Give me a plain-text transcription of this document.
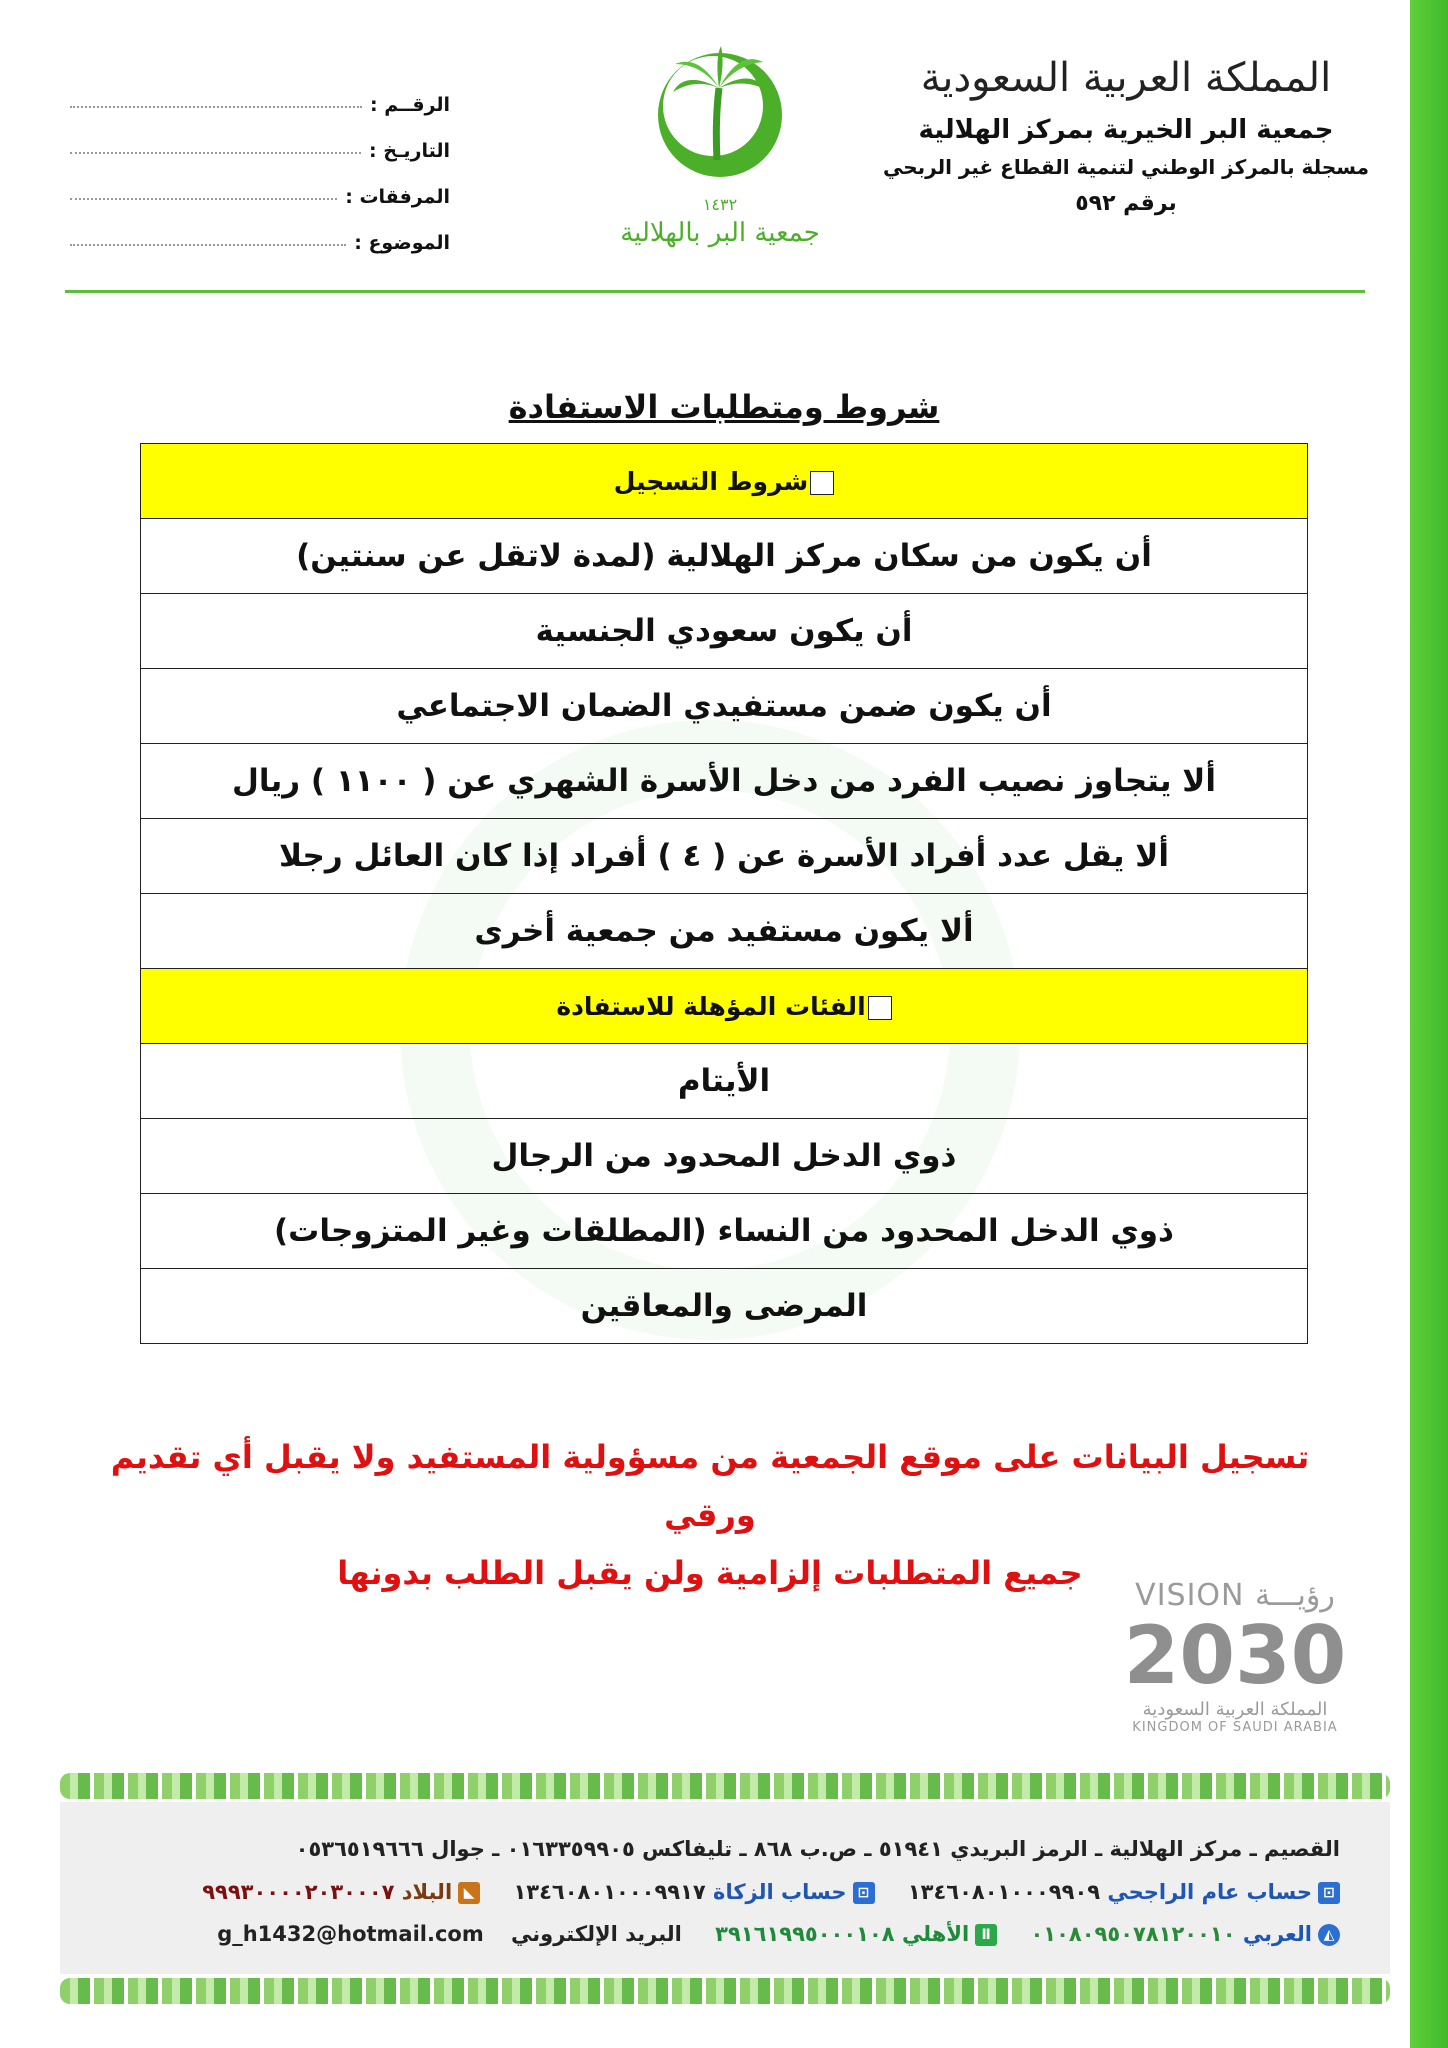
المملكة العربية السعودية
جمعية البر الخيرية بمركز الهلالية
مسجلة بالمركز الوطني لتنمية القطاع غير الربحي
برقم ٥٩٢
١٤٣٢
جمعية البر بالهلالية
الرقــم :
التاريـخ :
المرفقات :
الموضوع :
شروط ومتطلبات الاستفادة
شروط التسجيل
أن يكون من سكان مركز الهلالية (لمدة لاتقل عن سنتين)
أن يكون سعودي الجنسية
أن يكون ضمن مستفيدي الضمان الاجتماعي
ألا يتجاوز نصيب الفرد من دخل الأسرة الشهري عن ( ١١٠٠ ) ريال
ألا يقل عدد أفراد الأسرة عن ( ٤ ) أفراد إذا كان العائل رجلا
ألا يكون مستفيد من جمعية أخرى
الفئات المؤهلة للاستفادة
الأيتام
ذوي الدخل المحدود من الرجال
ذوي الدخل المحدود من النساء (المطلقات وغير المتزوجات)
المرضى والمعاقين
تسجيل البيانات على موقع الجمعية من مسؤولية المستفيد ولا يقبل أي تقديم ورقي
جميع المتطلبات إلزامية ولن يقبل الطلب بدونها
VISION رؤيـــة
2030
المملكة العربية السعودية
KINGDOM OF SAUDI ARABIA
القصيم ـ مركز الهلالية ـ الرمز البريدي ٥١٩٤١ ـ ص.ب ٨٦٨ ـ تليفاكس ٠١٦٣٣٥٩٩٠٥ ـ جوال ٠٥٣٦٥١٩٦٦٦
⊡حساب عام الراجحي ١٣٤٦٠٨٠١٠٠٠٩٩٠٩ ⊡حساب الزكاة ١٣٤٦٠٨٠١٠٠٠٩٩١٧ ◣البلاد ٩٩٩٣٠٠٠٠٢٠٣٠٠٠٧
◭العربي ٠١٠٨٠٩٥٠٧٨١٢٠٠١٠ Ⅱالأهلي ٣٩١٦١٩٩٥٠٠٠١٠٨ البريد الإلكتروني g_h1432@hotmail.com
